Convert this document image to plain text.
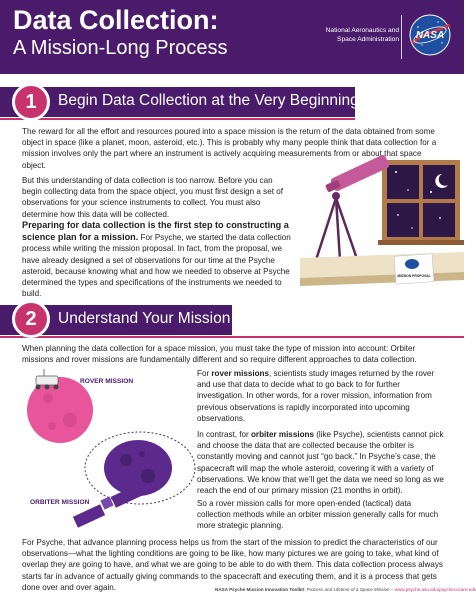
Data Collection:
A Mission-Long Process
National Aeronautics and
Space Administration NASA
Begin Data Collection at the Very Beginning
1
The reward for all the effort and resources poured into a space mission is the return of the data obtained from some object in space (like a planet, moon, asteroid, etc.). This is probably why many people think that data collection for a mission involves only the part where an instrument is actively acquiring measurements from or about that space object.
But this understanding of data collection is too narrow. Before you can begin collecting data from the space object, you must first design a set of observations for your science instruments to collect. You must also determine how this data will be collected.
Preparing for data collection is the first step to constructing a science plan for a mission. For Psyche, we started the data collection process while writing the mission proposal. In fact, from the proposal, we have already designed a set of observations for our time at the Psyche asteroid, because knowing what and how we needed to observe at Psyche determined the types and specifications of the instruments we needed to build.
MISSION PROPOSAL
Understand Your Mission
2
When planning the data collection for a space mission, you must take the type of mission into account: Orbiter missions and rover missions are fundamentally different and so require different approaches to data collection.
ROVER MISSION
ORBITER MISSION
For rover missions, scientists study images returned by the rover and use that data to decide what to go back to for further investigation. In other words, for a rover mission, information from previous observations is rapidly incorporated into upcoming observations.
In contrast, for orbiter missions (like Psyche), scientists cannot pick and choose the data that are collected because the orbiter is constantly moving and cannot just “go back.” In Psyche’s case, the spacecraft will map the whole asteroid, covering it with a variety of observations. We know that we’ll get the data we need so long as we reach the end of our primary mission (21 months in orbit).
So a rover mission calls for more open-ended (tactical) data collection methods while an orbiter mission generally calls for much more strategic planning.
For Psyche, that advance planning process helps us from the start of the mission to predict the characteristics of our observations—what the lighting conditions are going to be like, how many pictures we are going to take, what kind of overlap they are going to have, and what we are going to be able to do with them. This data collection process always starts far in advance of actually giving commands to the spacecraft and executing them, and it is a process that gets done over and over again.	NASA Psyche Mission Innovation Toolkit: Process and Lifetime of a Space Mission – www.psyche.asu.edu/psychecocare.edu
